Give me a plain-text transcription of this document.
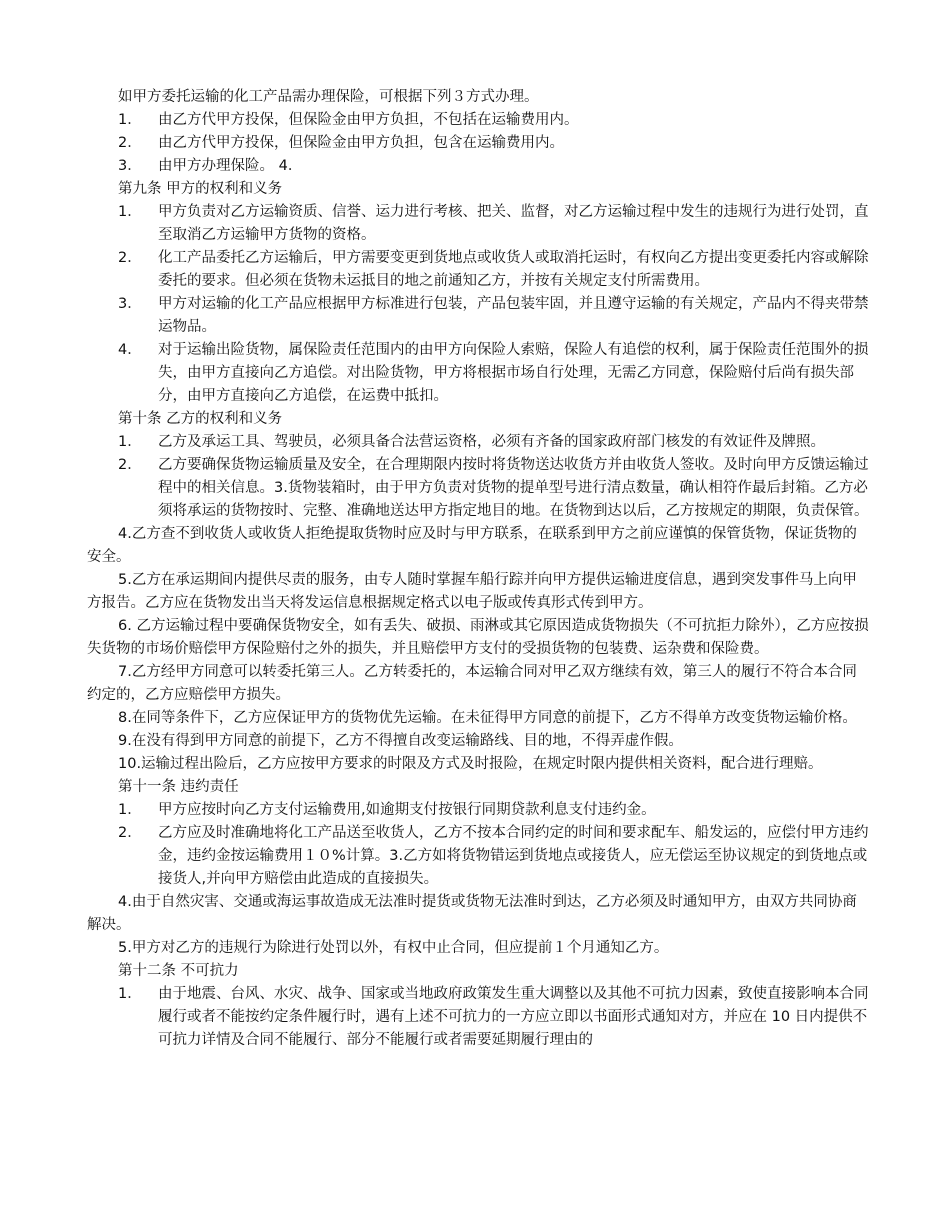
如甲方委托运输的化工产品需办理保险，可根据下列３方式办理。
1．	由乙方代甲方投保，但保险金由甲方负担，不包括在运输费用内。
2．	由乙方代甲方投保，但保险金由甲方负担，包含在运输费用内。
3．	由甲方办理保险。 4．
第九条 甲方的权利和义务
1．	甲方负责对乙方运输资质、信誉、运力进行考核、把关、监督，对乙方运输过程中发生的违规行为进行处罚，直至取消乙方运输甲方货物的资格。
2．	化工产品委托乙方运输后，甲方需要变更到货地点或收货人或取消托运时，有权向乙方提出变更委托内容或解除委托的要求。但必须在货物未运抵目的地之前通知乙方，并按有关规定支付所需费用。
3．	甲方对运输的化工产品应根据甲方标准进行包装，产品包装牢固，并且遵守运输的有关规定，产品内不得夹带禁运物品。
4．	对于运输出险货物，属保险责任范围内的由甲方向保险人索赔，保险人有追偿的权利，属于保险责任范围外的损失，由甲方直接向乙方追偿。对出险货物，甲方将根据市场自行处理，无需乙方同意，保险赔付后尚有损失部分，由甲方直接向乙方追偿，在运费中抵扣。
第十条 乙方的权利和义务
1．	乙方及承运工具、驾驶员，必须具备合法营运资格，必须有齐备的国家政府部门核发的有效证件及牌照。
2．	乙方要确保货物运输质量及安全，在合理期限内按时将货物送达收货方并由收货人签收。及时向甲方反馈运输过程中的相关信息。3.货物装箱时，由于甲方负责对货物的提单型号进行清点数量，确认相符作最后封箱。乙方必须将承运的货物按时、完整、准确地送达甲方指定地目的地。在货物到达以后，乙方按规定的期限，负责保管。
4.乙方查不到收货人或收货人拒绝提取货物时应及时与甲方联系，在联系到甲方之前应谨慎的保管货物，保证货物的安全。
5.乙方在承运期间内提供尽责的服务，由专人随时掌握车船行踪并向甲方提供运输进度信息，遇到突发事件马上向甲方报告。乙方应在货物发出当天将发运信息根据规定格式以电子版或传真形式传到甲方。
6. 乙方运输过程中要确保货物安全，如有丢失、破损、雨淋或其它原因造成货物损失（不可抗拒力除外），乙方应按损失货物的市场价赔偿甲方保险赔付之外的损失，并且赔偿甲方支付的受损货物的包装费、运杂费和保险费。
7.乙方经甲方同意可以转委托第三人。乙方转委托的，本运输合同对甲乙双方继续有效，第三人的履行不符合本合同约定的，乙方应赔偿甲方损失。
8.在同等条件下，乙方应保证甲方的货物优先运输。在未征得甲方同意的前提下，乙方不得单方改变货物运输价格。
9.在没有得到甲方同意的前提下，乙方不得擅自改变运输路线、目的地，不得弄虚作假。
10.运输过程出险后，乙方应按甲方要求的时限及方式及时报险，在规定时限内提供相关资料，配合进行理赔。
第十一条 违约责任
1．	甲方应按时向乙方支付运输费用,如逾期支付按银行同期贷款利息支付违约金。
2．	乙方应及时准确地将化工产品送至收货人，乙方不按本合同约定的时间和要求配车、船发运的，应偿付甲方违约金，违约金按运输费用１０%计算。3.乙方如将货物错运到货地点或接货人，应无偿运至协议规定的到货地点或接货人,并向甲方赔偿由此造成的直接损失。
4.由于自然灾害、交通或海运事故造成无法准时提货或货物无法准时到达，乙方必须及时通知甲方，由双方共同协商解决。
5.甲方对乙方的违规行为除进行处罚以外，有权中止合同，但应提前１个月通知乙方。
第十二条 不可抗力
1．	由于地震、台风、水灾、战争、国家或当地政府政策发生重大调整以及其他不可抗力因素，致使直接影响本合同履行或者不能按约定条件履行时，遇有上述不可抗力的一方应立即以书面形式通知对方，并应在 10 日内提供不可抗力详情及合同不能履行、部分不能履行或者需要延期履行理由的
